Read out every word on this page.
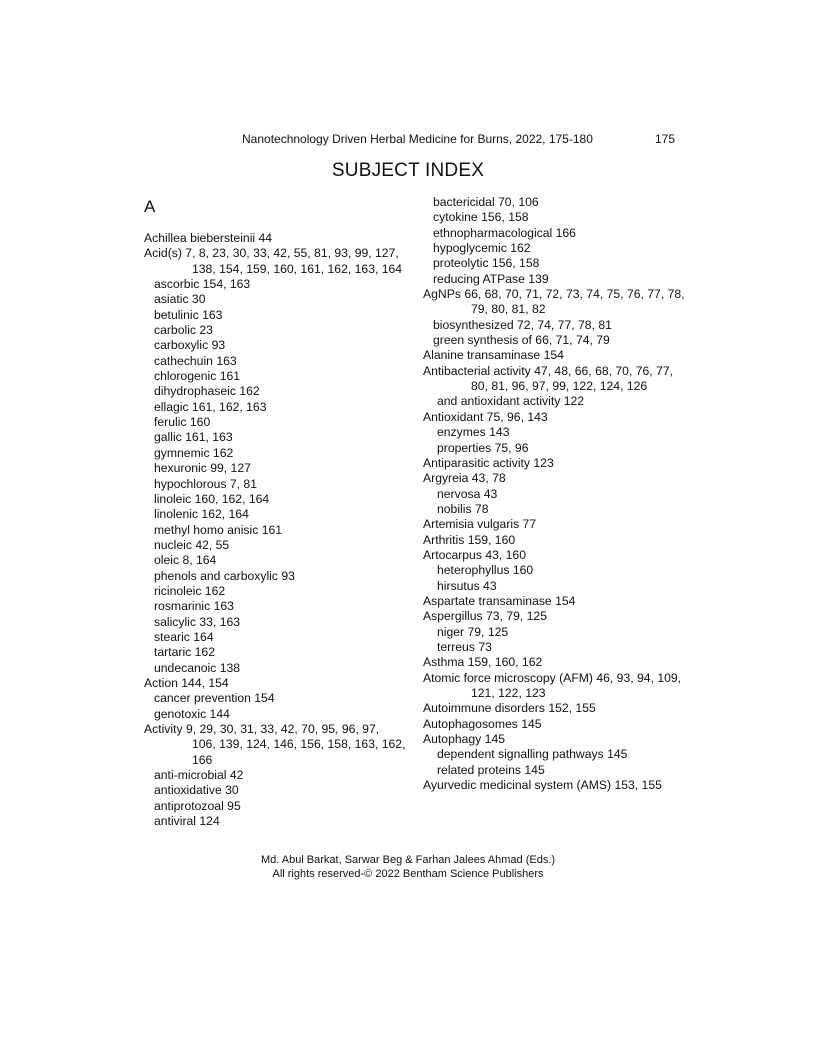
Nanotechnology Driven Herbal Medicine for Burns, 2022, 175-180	175
SUBJECT INDEX
A
Achillea biebersteinii 44
Acid(s) 7, 8, 23, 30, 33, 42, 55, 81, 93, 99, 127, 138, 154, 159, 160, 161, 162, 163, 164
ascorbic 154, 163
asiatic 30
betulinic 163
carbolic 23
carboxylic 93
cathechuin 163
chlorogenic 161
dihydrophaseic 162
ellagic 161, 162, 163
ferulic 160
gallic 161, 163
gymnemic 162
hexuronic 99, 127
hypochlorous 7, 81
linoleic 160, 162, 164
linolenic 162, 164
methyl homo anisic 161
nucleic 42, 55
oleic 8, 164
phenols and carboxylic 93
ricinoleic 162
rosmarinic 163
salicylic 33, 163
stearic 164
tartaric 162
undecanoic 138
Action 144, 154
cancer prevention 154
genotoxic 144
Activity 9, 29, 30, 31, 33, 42, 70, 95, 96, 97, 106, 139, 124, 146, 156, 158, 163, 162, 166
anti-microbial 42
antioxidative 30
antiprotozoal 95
antiviral 124
bactericidal 70, 106
cytokine 156, 158
ethnopharmacological 166
hypoglycemic 162
proteolytic 156, 158
reducing ATPase 139
AgNPs 66, 68, 70, 71, 72, 73, 74, 75, 76, 77, 78, 79, 80, 81, 82
biosynthesized 72, 74, 77, 78, 81
green synthesis of 66, 71, 74, 79
Alanine transaminase 154
Antibacterial activity 47, 48, 66, 68, 70, 76, 77, 80, 81, 96, 97, 99, 122, 124, 126
and antioxidant activity 122
Antioxidant 75, 96, 143
enzymes 143
properties 75, 96
Antiparasitic activity 123
Argyreia 43, 78
nervosa 43
nobilis 78
Artemisia vulgaris 77
Arthritis 159, 160
Artocarpus 43, 160
heterophyllus 160
hirsutus 43
Aspartate transaminase 154
Aspergillus 73, 79, 125
niger 79, 125
terreus 73
Asthma 159, 160, 162
Atomic force microscopy (AFM) 46, 93, 94, 109, 121, 122, 123
Autoimmune disorders 152, 155
Autophagosomes 145
Autophagy 145
dependent signalling pathways 145
related proteins 145
Ayurvedic medicinal system (AMS) 153, 155
Md. Abul Barkat, Sarwar Beg & Farhan Jalees Ahmad (Eds.)
All rights reserved-© 2022 Bentham Science Publishers
